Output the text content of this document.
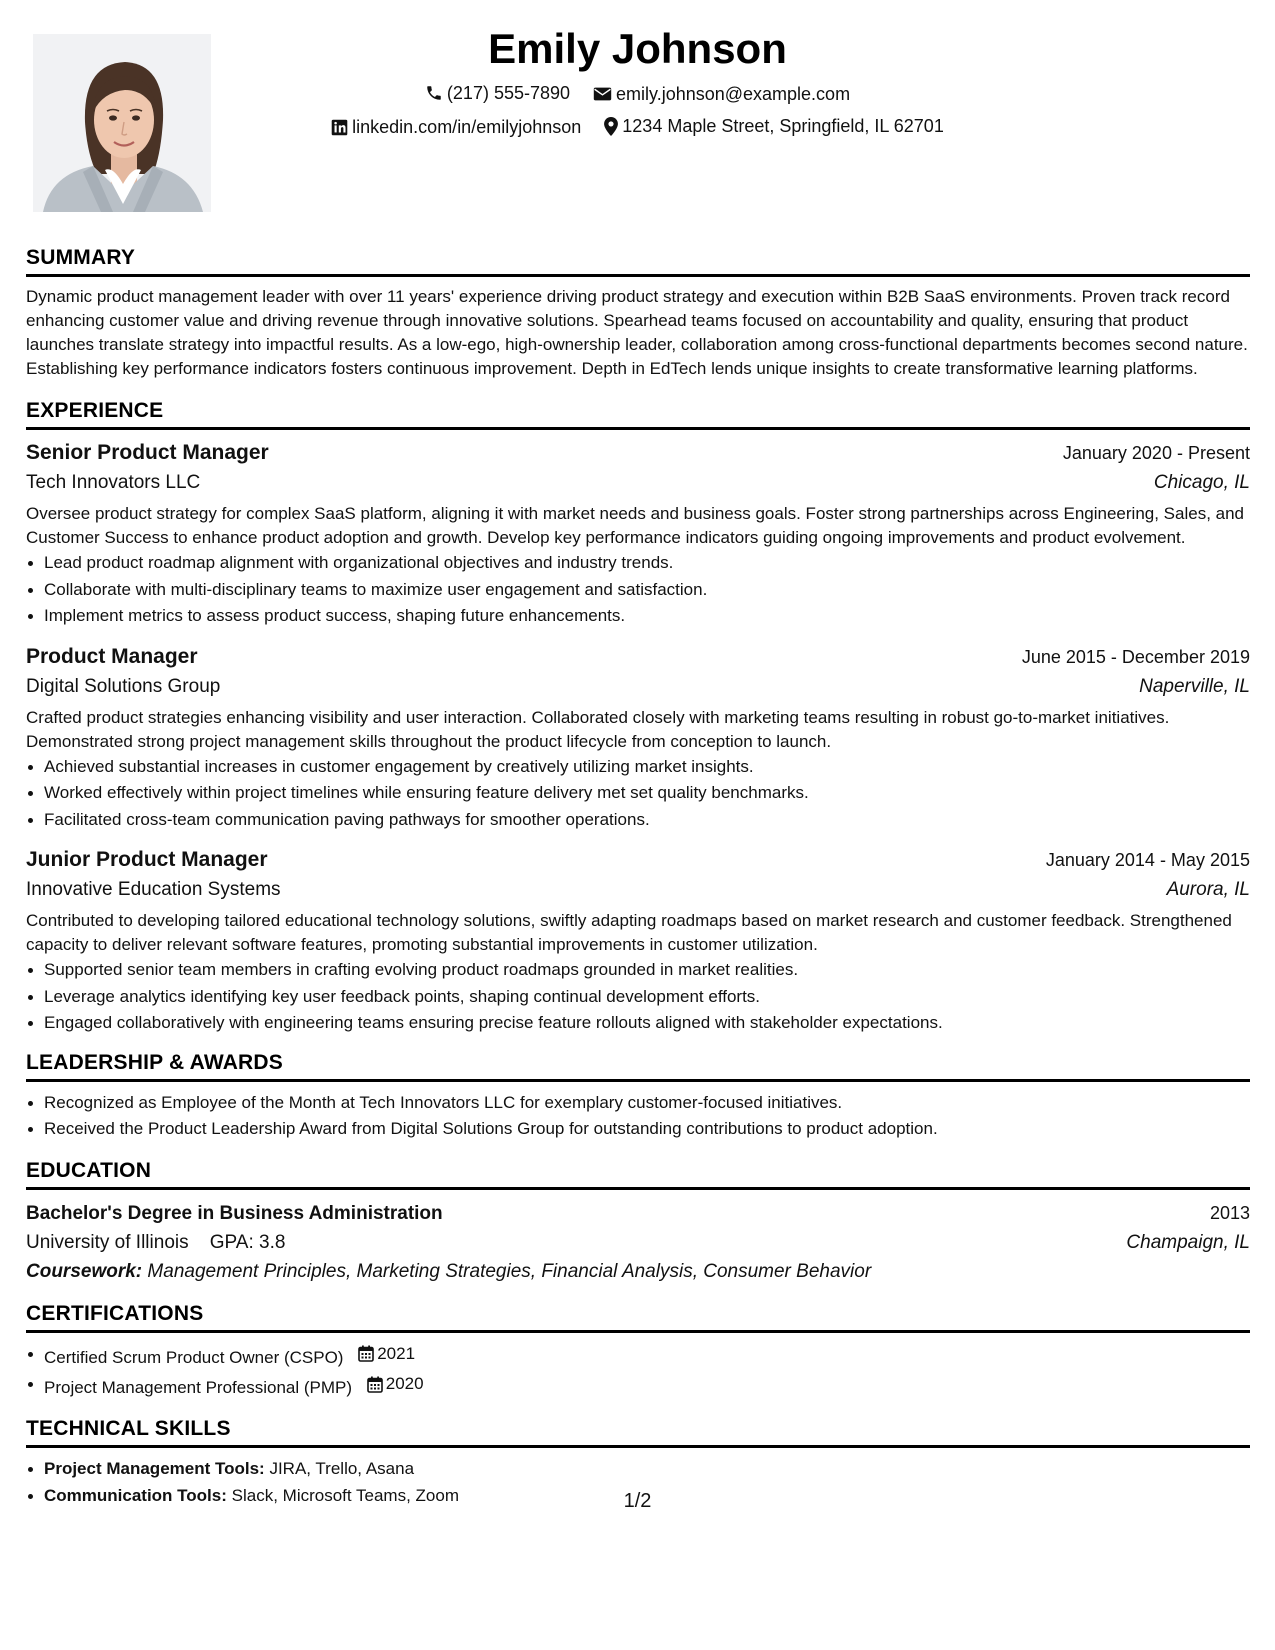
Emily Johnson

(217) 555-7890
	emily.johnson@example.com

linkedin.com/in/emilyjohnson
1234 Maple Street, Springfield, IL 62701

SUMMARY

Dynamic product management leader with over 11 years' experience driving product strategy and execution within B2B SaaS environments. Proven track record enhancing customer value and driving revenue through innovative solutions. Spearhead teams focused on accountability and quality, ensuring that product launches translate strategy into impactful results. As a low-ego, high-ownership leader, collaboration among cross-functional departments becomes second nature. Establishing key performance indicators fosters continuous improvement. Depth in EdTech lends unique insights to create transformative learning platforms.

EXPERIENCE

Senior Product Manager	January 2020 - Present
Tech Innovators LLC	Chicago, IL

Oversee product strategy for complex SaaS platform, aligning it with market needs and business goals. Foster strong partnerships across Engineering, Sales, and Customer Success to enhance product adoption and growth. Develop key performance indicators guiding ongoing improvements and product evolvement.

Lead product roadmap alignment with organizational objectives and industry trends.
Collaborate with multi-disciplinary teams to maximize user engagement and satisfaction.
Implement metrics to assess product success, shaping future enhancements.
Product Manager	June 2015 - December 2019
Digital Solutions Group	Naperville, IL

Crafted product strategies enhancing visibility and user interaction. Collaborated closely with marketing teams resulting in robust go-to-market initiatives. Demonstrated strong project management skills throughout the product lifecycle from conception to launch.

Achieved substantial increases in customer engagement by creatively utilizing market insights.
Worked effectively within project timelines while ensuring feature delivery met set quality benchmarks.
Facilitated cross-team communication paving pathways for smoother operations.
Junior Product Manager	January 2014 - May 2015
Innovative Education Systems	Aurora, IL

Contributed to developing tailored educational technology solutions, swiftly adapting roadmaps based on market research and customer feedback. Strengthened capacity to deliver relevant software features, promoting substantial improvements in customer utilization.

Supported senior team members in crafting evolving product roadmaps grounded in market realities.
Leverage analytics identifying key user feedback points, shaping continual development efforts.
Engaged collaboratively with engineering teams ensuring precise feature rollouts aligned with stakeholder expectations.

LEADERSHIP & AWARDS

Recognized as Employee of the Month at Tech Innovators LLC for exemplary customer-focused initiatives.
Received the Product Leadership Award from Digital Solutions Group for outstanding contributions to product adoption.

EDUCATION

Bachelor's Degree in Business Administration	2013
University of Illinois GPA: 3.8	Champaign, IL
Coursework: Management Principles, Marketing Strategies, Financial Analysis, Consumer Behavior

CERTIFICATIONS

Certified Scrum Product Owner (CSPO) 2021
Project Management Professional (PMP) 2020

TECHNICAL SKILLS

Project Management Tools: JIRA, Trello, Asana
Communication Tools: Slack, Microsoft Teams, Zoom	1/2
